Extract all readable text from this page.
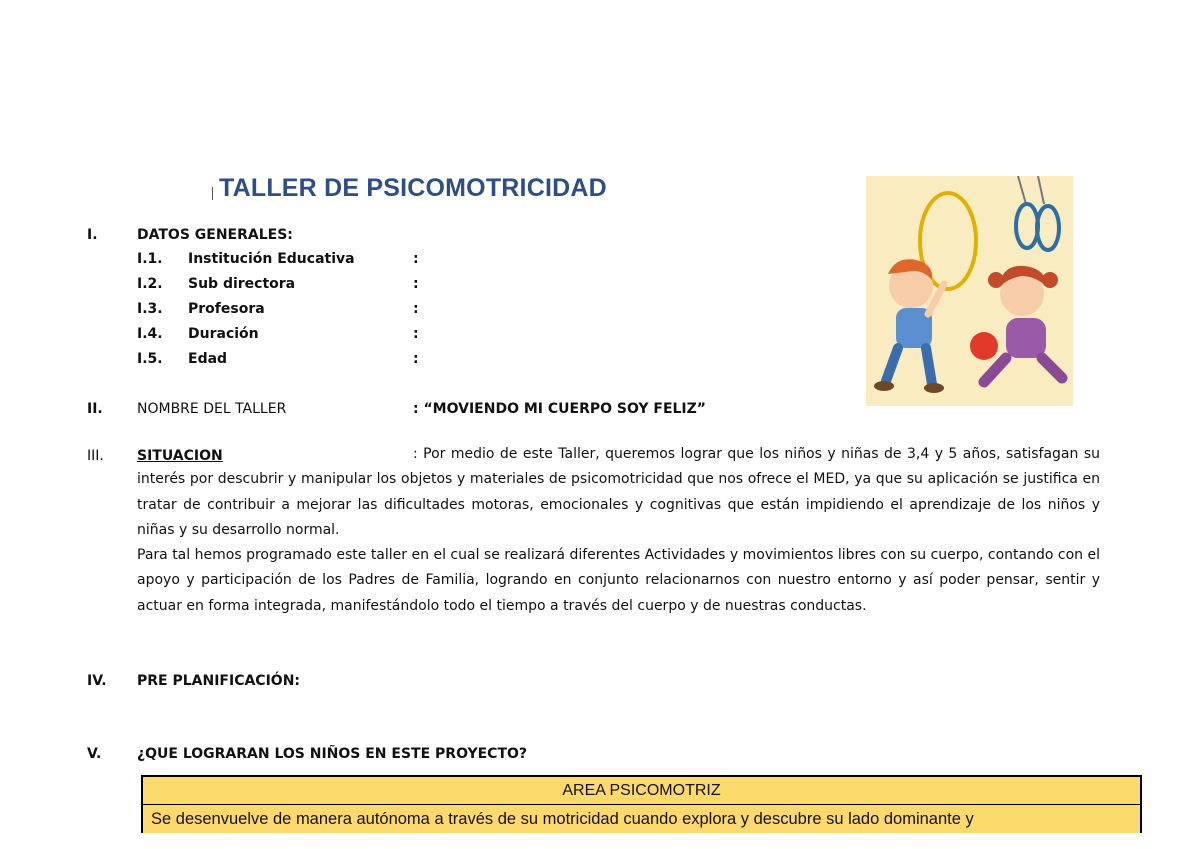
TALLER DE PSICOMOTRICIDAD
I.	DATOS GENERALES:
I.1. Institución Educativa	:
I.2. Sub directora	:
I.3. Profesora	:
I.4. Duración	:
I.5. Edad	:
II. NOMBRE DEL TALLER	: “MOVIENDO MI CUERPO SOY FELIZ”
III. SITUACION	: Por medio de este Taller, queremos lograr que los niños y niñas de 3,4 y 5 años, satisfagan su interés por descubrir y manipular los objetos y materiales de psicomotricidad que nos ofrece el MED, ya que su aplicación se justifica en tratar de contribuir a mejorar las dificultades motoras, emocionales y cognitivas que están impidiendo el aprendizaje de los niños y niñas y su desarrollo normal.

Para tal hemos programado este taller en el cual se realizará diferentes Actividades y movimientos libres con su cuerpo, contando con el apoyo y participación de los Padres de Familia, logrando en conjunto relacionarnos con nuestro entorno y así poder pensar, sentir y actuar en forma integrada, manifestándolo todo el tiempo a través del cuerpo y de nuestras conductas.

IV. PRE PLANIFICACIÓN:
V.	¿QUE LOGRARAN LOS NIÑOS EN ESTE PROYECTO?
AREA PSICOMOTRIZ
Se desenvuelve de manera autónoma a través de su motricidad cuando explora y descubre su lado dominante y
